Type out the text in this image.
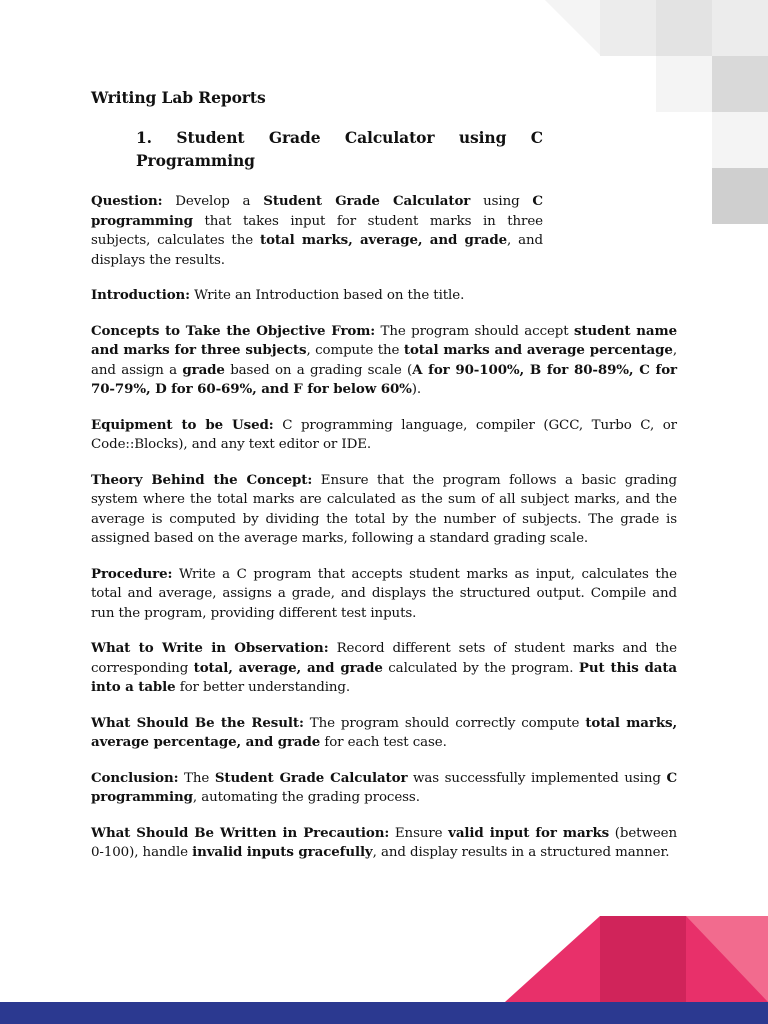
Writing Lab Reports
1. Student Grade Calculator using C
Programming

Question: Develop a Student Grade Calculator using C programming that takes input for student marks in three subjects, calculates the total marks, average, and grade, and displays the results.

Introduction: Write an Introduction based on the title.

Concepts to Take the Objective From: The program should accept student name and marks for three subjects, compute the total marks and average percentage, and assign a grade based on a grading scale (A for 90-100%, B for 80-89%, C for 70-79%, D for 60-69%, and F for below 60%).

Equipment to be Used: C programming language, compiler (GCC, Turbo C, or Code::Blocks), and any text editor or IDE.

Theory Behind the Concept: Ensure that the program follows a basic grading system where the total marks are calculated as the sum of all subject marks, and the average is computed by dividing the total by the number of subjects. The grade is assigned based on the average marks, following a standard grading scale.

Procedure: Write a C program that accepts student marks as input, calculates the total and average, assigns a grade, and displays the structured output. Compile and run the program, providing different test inputs.

What to Write in Observation: Record different sets of student marks and the corresponding total, average, and grade calculated by the program. Put this data into a table for better understanding.

What Should Be the Result: The program should correctly compute total marks, average percentage, and grade for each test case.

Conclusion: The Student Grade Calculator was successfully implemented using C programming, automating the grading process.

What Should Be Written in Precaution: Ensure valid input for marks (between 0-100), handle invalid inputs gracefully, and display results in a structured manner.
